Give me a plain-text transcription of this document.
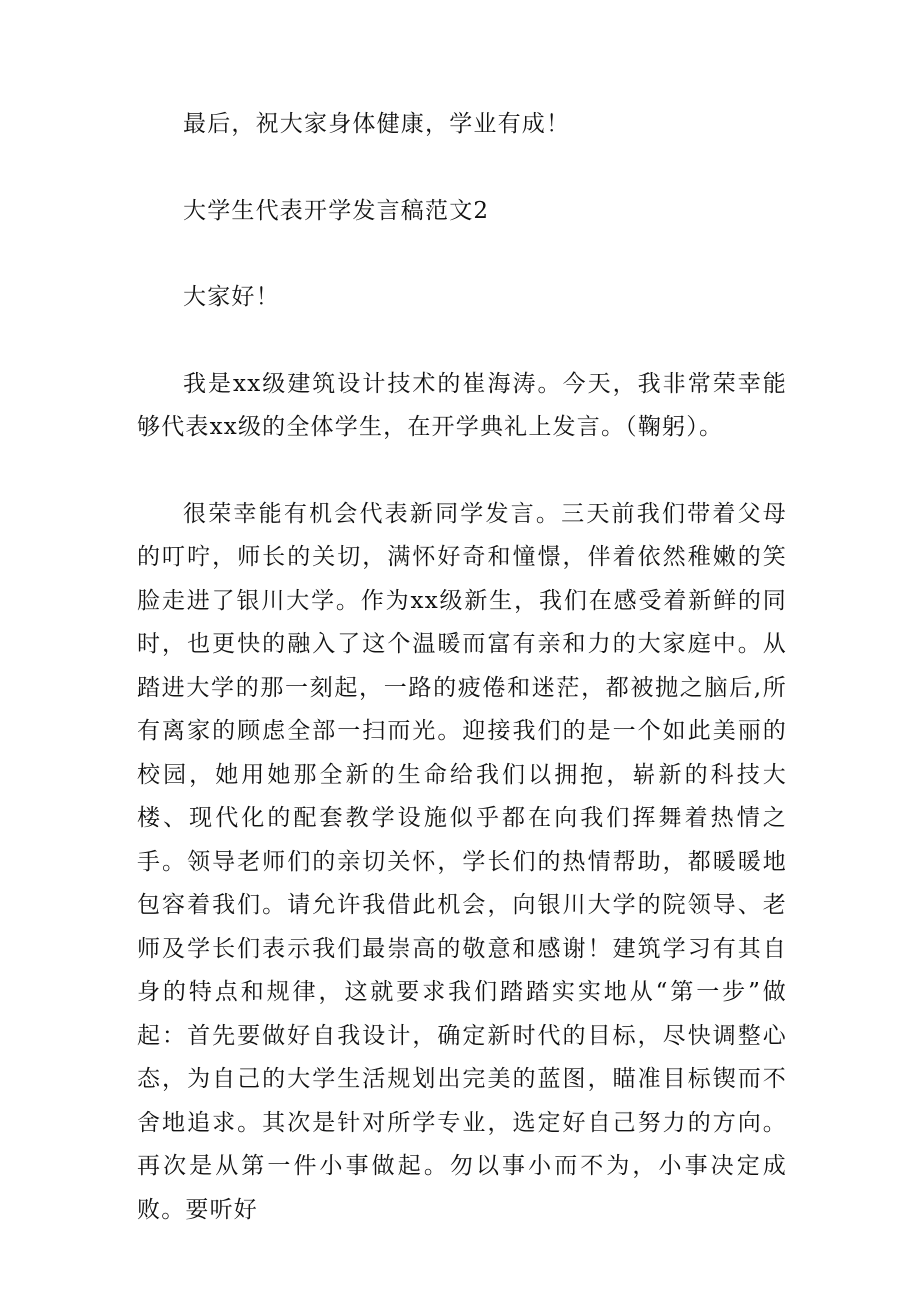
最后，祝大家身体健康，学业有成！

大学生代表开学发言稿范文2

大家好！

我是xx级建筑设计技术的崔海涛。今天，我非常荣幸能够代表xx级的全体学生，在开学典礼上发言。（鞠躬）。

很荣幸能有机会代表新同学发言。三天前我们带着父母的叮咛，师长的关切，满怀好奇和憧憬，伴着依然稚嫩的笑脸走进了银川大学。作为xx级新生，我们在感受着新鲜的同时，也更快的融入了这个温暖而富有亲和力的大家庭中。从踏进大学的那一刻起，一路的疲倦和迷茫，都被抛之脑后,所有离家的顾虑全部一扫而光。迎接我们的是一个如此美丽的校园，她用她那全新的生命给我们以拥抱，崭新的科技大楼、现代化的配套教学设施似乎都在向我们挥舞着热情之手。领导老师们的亲切关怀，学长们的热情帮助，都暖暖地包容着我们。请允许我借此机会，向银川大学的院领导、老师及学长们表示我们最崇高的敬意和感谢！建筑学习有其自身的特点和规律，这就要求我们踏踏实实地从“第一步”做起：首先要做好自我设计，确定新时代的目标，尽快调整心态，为自己的大学生活规划出完美的蓝图，瞄准目标锲而不舍地追求。其次是针对所学专业，选定好自己努力的方向。再次是从第一件小事做起。勿以事小而不为，小事决定成败。要听好
